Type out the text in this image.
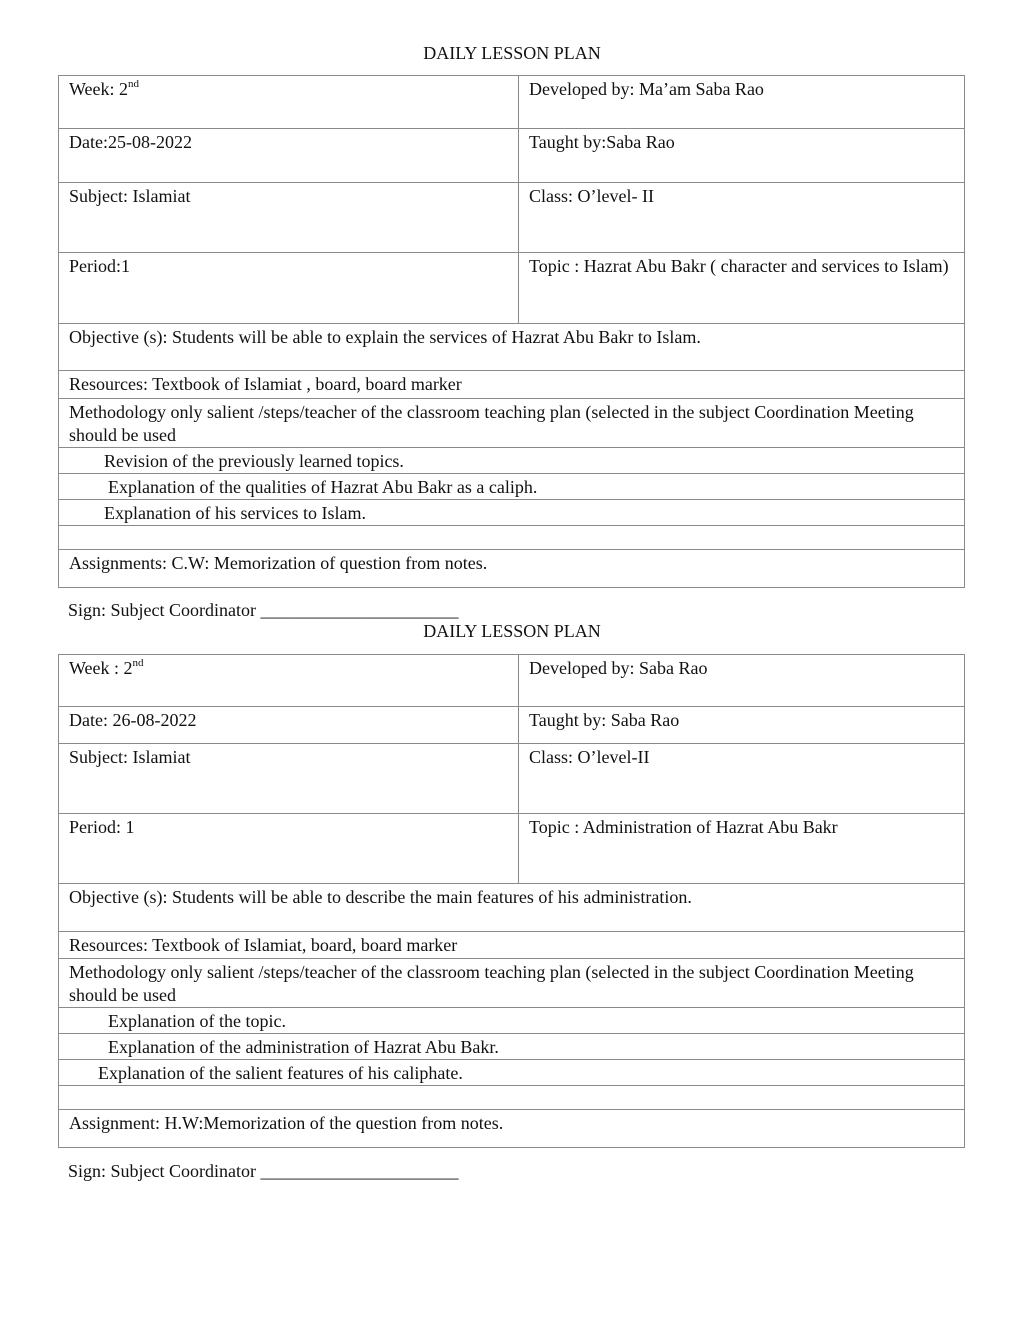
DAILY LESSON PLAN
Week: 2nd	Developed by: Ma’am Saba Rao
Date:25-08-2022	Taught by:Saba Rao
Subject: Islamiat	Class: O’level- II
Period:1	Topic : Hazrat Abu Bakr ( character and services to Islam)
Objective (s): Students will be able to explain the services of Hazrat Abu Bakr to Islam.	
Resources: Textbook of Islamiat , board, board marker	
Methodology only salient /steps/teacher of the classroom teaching plan (selected in the subject Coordination Meeting should be used	
Revision of the previously learned topics.	
Explanation of the qualities of Hazrat Abu Bakr as a caliph.	
Explanation of his services to Islam.	

Assignments: C.W: Memorization of question from notes.	
Sign: Subject Coordinator ______________________
DAILY LESSON PLAN
Week : 2nd	Developed by: Saba Rao
Date: 26-08-2022	Taught by: Saba Rao
Subject: Islamiat	Class: O’level-II
Period: 1	Topic : Administration of Hazrat Abu Bakr
Objective (s): Students will be able to describe the main features of his administration.	
Resources: Textbook of Islamiat, board, board marker	
Methodology only salient /steps/teacher of the classroom teaching plan (selected in the subject Coordination Meeting should be used	
Explanation of the topic.	
Explanation of the administration of Hazrat Abu Bakr.	
Explanation of the salient features of his caliphate.	

Assignment: H.W:Memorization of the question from notes.	
Sign: Subject Coordinator ______________________
